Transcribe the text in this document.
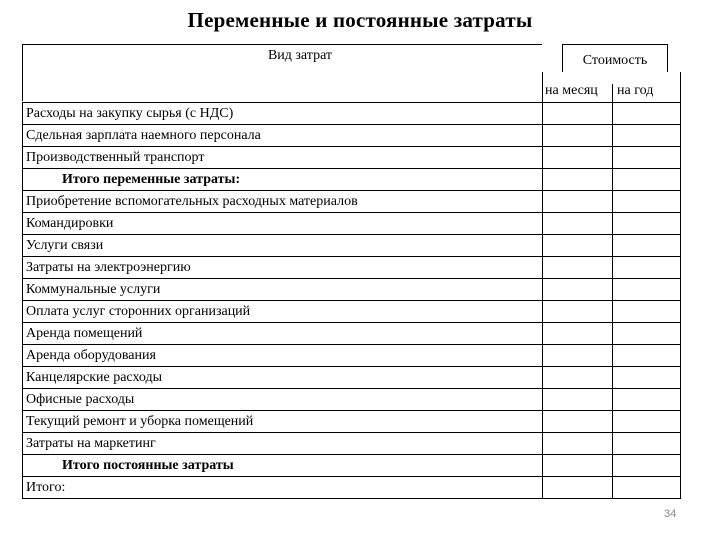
Переменные и постоянные затраты
Вид затрат	Стоимость
на месяц на год
Расходы на закупку сырья (с НДС)
Сдельная зарплата наемного персонала
Производственный транспорт
Итого переменные затраты:
Приобретение вспомогательных расходных материалов
Командировки
Услуги связи
Затраты на электроэнергию
Коммунальные услуги
Оплата услуг сторонних организаций
Аренда помещений
Аренда оборудования
Канцелярские расходы
Офисные расходы
Текущий ремонт и уборка помещений
Затраты на маркетинг
Итого постоянные затраты
Итого:
34
